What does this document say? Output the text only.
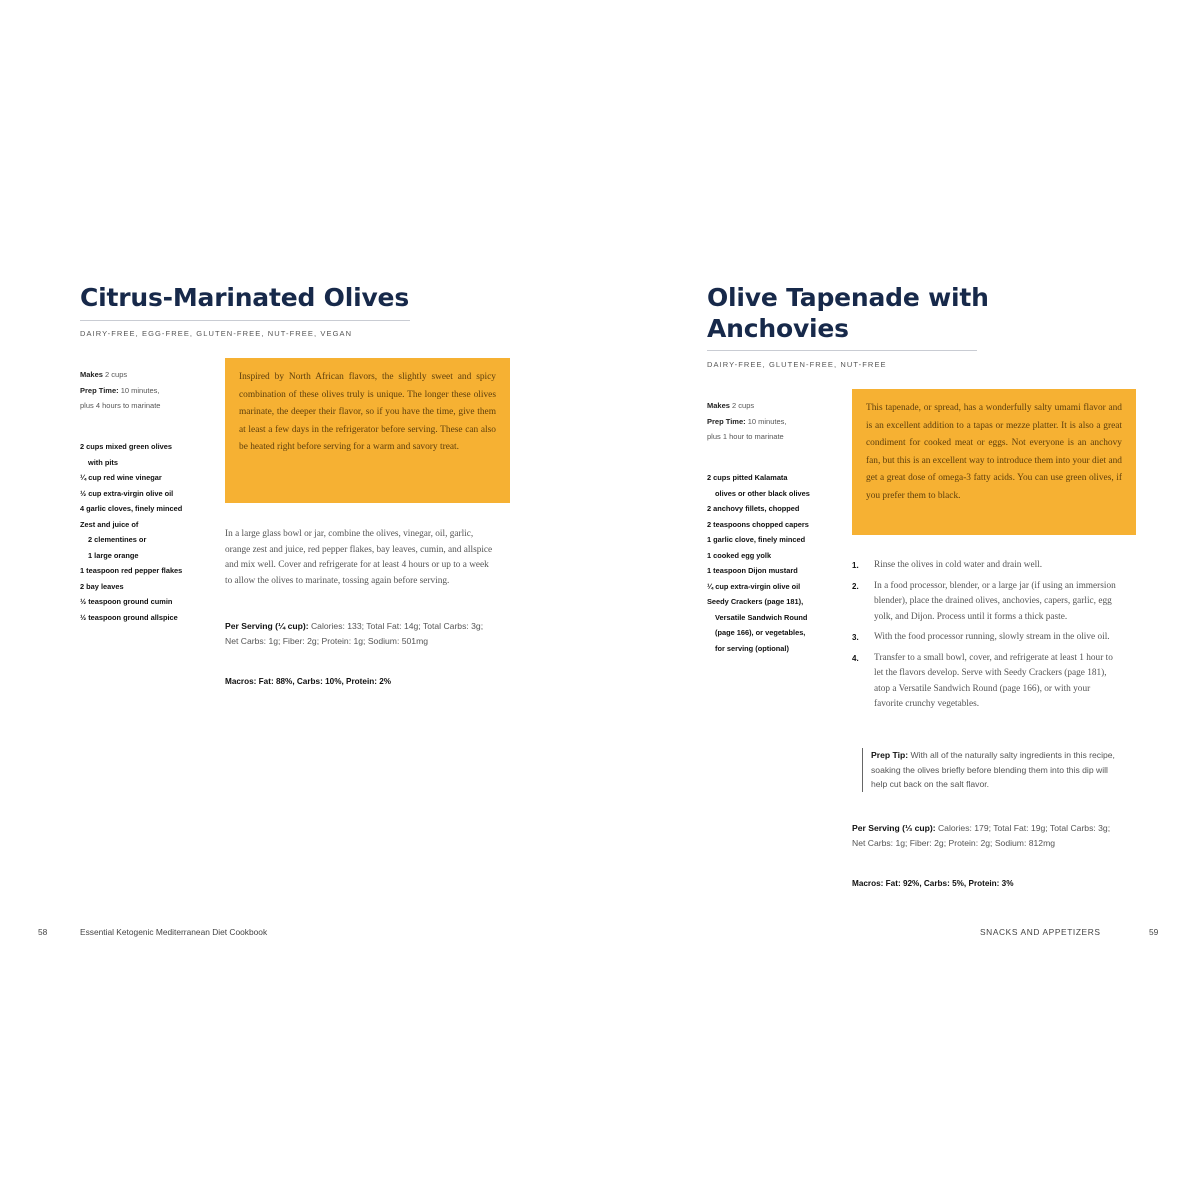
Citrus-Marinated Olives
DAIRY-FREE, EGG-FREE, GLUTEN-FREE, NUT-FREE, VEGAN
Makes 2 cups
Prep Time: 10 minutes,
plus 4 hours to marinate
2 cups mixed green olives
with pits
¼ cup red wine vinegar
½ cup extra-virgin olive oil
4 garlic cloves, finely minced
Zest and juice of
2 clementines or
1 large orange
1 teaspoon red pepper flakes
2 bay leaves
½ teaspoon ground cumin
½ teaspoon ground allspice
Inspired by North African flavors, the slightly sweet and spicy combination of these olives truly is unique. The longer these olives marinate, the deeper their flavor, so if you have the time, give them at least a few days in the refrigerator before serving. These can also be heated right before serving for a warm and savory treat.

In a large glass bowl or jar, combine the olives, vinegar, oil, garlic, orange zest and juice, red pepper flakes, bay leaves, cumin, and allspice and mix well. Cover and refrigerate for at least 4 hours or up to a week to allow the olives to marinate, tossing again before serving.

Per Serving (¼ cup): Calories: 133; Total Fat: 14g; Total Carbs: 3g; Net Carbs: 1g; Fiber: 2g; Protein: 1g; Sodium: 501mg
Macros: Fat: 88%, Carbs: 10%, Protein: 2%
58	Essential Ketogenic Mediterranean Diet Cookbook
Olive Tapenade with
Anchovies
DAIRY-FREE, GLUTEN-FREE, NUT-FREE
Makes 2 cups
Prep Time: 10 minutes,
plus 1 hour to marinate
2 cups pitted Kalamata
olives or other black olives
2 anchovy fillets, chopped
2 teaspoons chopped capers
1 garlic clove, finely minced
1 cooked egg yolk
1 teaspoon Dijon mustard
¼ cup extra-virgin olive oil
Seedy Crackers (page 181),
Versatile Sandwich Round
(page 166), or vegetables,
for serving (optional)
This tapenade, or spread, has a wonderfully salty umami flavor and is an excellent addition to a tapas or mezze platter. It is also a great condiment for cooked meat or eggs. Not everyone is an anchovy fan, but this is an excellent way to introduce them into your diet and get a great dose of omega-3 fatty acids. You can use green olives, if you prefer them to black.
1.	Rinse the olives in cold water and drain well.
2.	In a food processor, blender, or a large jar (if using an immersion blender), place the drained olives, anchovies, capers, garlic, egg yolk, and Dijon. Process until it forms a thick paste.
3.	With the food processor running, slowly stream in the olive oil.
4.	Transfer to a small bowl, cover, and refrigerate at least 1 hour to let the flavors develop. Serve with Seedy Crackers (page 181), atop a Versatile Sandwich Round (page 166), or with your favorite crunchy vegetables.
Prep Tip: With all of the naturally salty ingredients in this recipe, soaking the olives briefly before blending them into this dip will help cut back on the salt flavor.
Per Serving (⅓ cup): Calories: 179; Total Fat: 19g; Total Carbs: 3g; Net Carbs: 1g; Fiber: 2g; Protein: 2g; Sodium: 812mg
Macros: Fat: 92%, Carbs: 5%, Protein: 3%
SNACKS AND APPETIZERS	59
